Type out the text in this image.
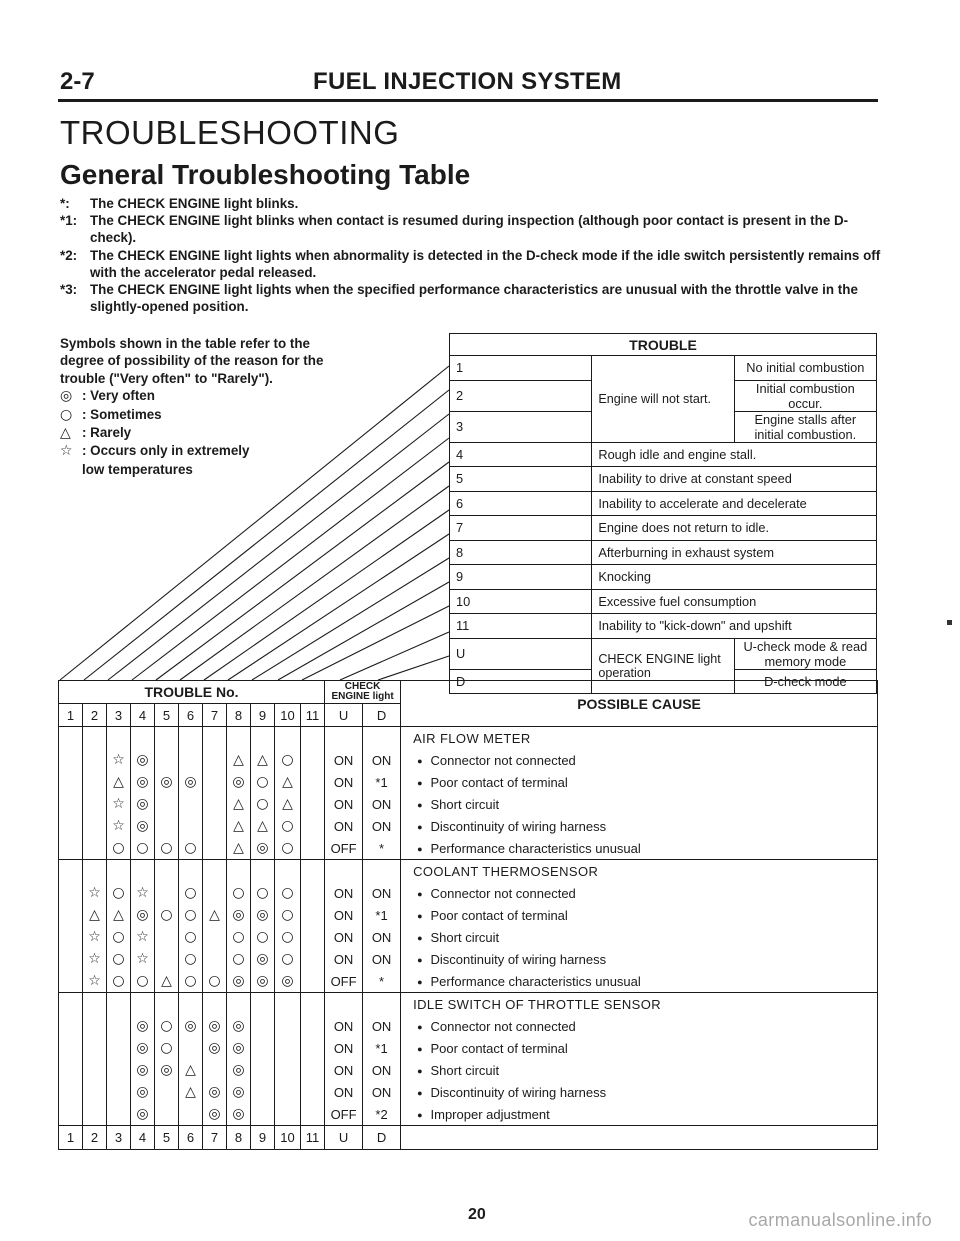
2-7	FUEL INJECTION SYSTEM
TROUBLESHOOTING
General Troubleshooting Table
*:	The CHECK ENGINE light blinks.
*1: The CHECK ENGINE light blinks when contact is resumed during inspection (although poor contact is present in the D-check).
*2: The CHECK ENGINE light lights when abnormality is detected in the D-check mode if the idle switch persistently remains off with the accelerator pedal released.
*3: The CHECK ENGINE light lights when the specified performance characteristics are unusual with the throttle valve in the slightly-opened position.
Symbols shown in the table refer to the degree of possibility of the reason for the trouble ("Very often" to "Rarely").
◎ : Very often
○ : Sometimes
△ : Rarely
☆ : Occurs only in extremely
low temperatures
TROUBLE		
1	Engine will not start.	No initial combustion
2		Initial combustion occur.
3		Engine stalls after initial combustion.
4	Rough idle and engine stall.	
5	Inability to drive at constant speed	
6	Inability to accelerate and decelerate	
7	Engine does not return to idle.	
8	Afterburning in exhaust system	
9	Knocking	
10	Excessive fuel consumption	
11	Inability to "kick-down" and upshift	
U	CHECK ENGINE light operation	U-check mode & read memory mode
D		D-check mode
TROUBLE No.											CHECK
ENGINE light		POSSIBLE CAUSE
1	2	3	4	5	6	7	8	9	10	11	U	D	
													AIR FLOW METER
		☆	◎				△	△	○		ON	ON	● Connector not connected
		△	◎	◎	◎		◎	○	△		ON	*1	● Poor contact of terminal
		☆	◎				△	○	△		ON	ON	● Short circuit
		☆	◎				△	△	○		ON	ON	● Discontinuity of wiring harness
		○	○	○	○		△	◎	○		OFF	*	● Performance characteristics unusual
													COOLANT THERMOSENSOR
	☆	○	☆		○		○	○	○		ON	ON	● Connector not connected
	△	△	◎	○	○	△	◎	◎	○		ON	*1	● Poor contact of terminal
	☆	○	☆		○		○	○	○		ON	ON	● Short circuit
	☆	○	☆		○		○	◎	○		ON	ON	● Discontinuity of wiring harness
	☆	○	○	△	○	○	◎	◎	◎		OFF	*	● Performance characteristics unusual
													IDLE SWITCH OF THROTTLE SENSOR
			◎	○	◎	◎	◎				ON	ON	● Connector not connected
			◎	○		◎	◎				ON	*1	● Poor contact of terminal
			◎	◎	△		◎				ON	ON	● Short circuit
			◎		△	◎	◎				ON	ON	● Discontinuity of wiring harness
			◎			◎	◎				OFF	*2	● Improper adjustment
1	2	3	4	5	6	7	8	9	10	11	U	D	
20	carmanualsonline.info
